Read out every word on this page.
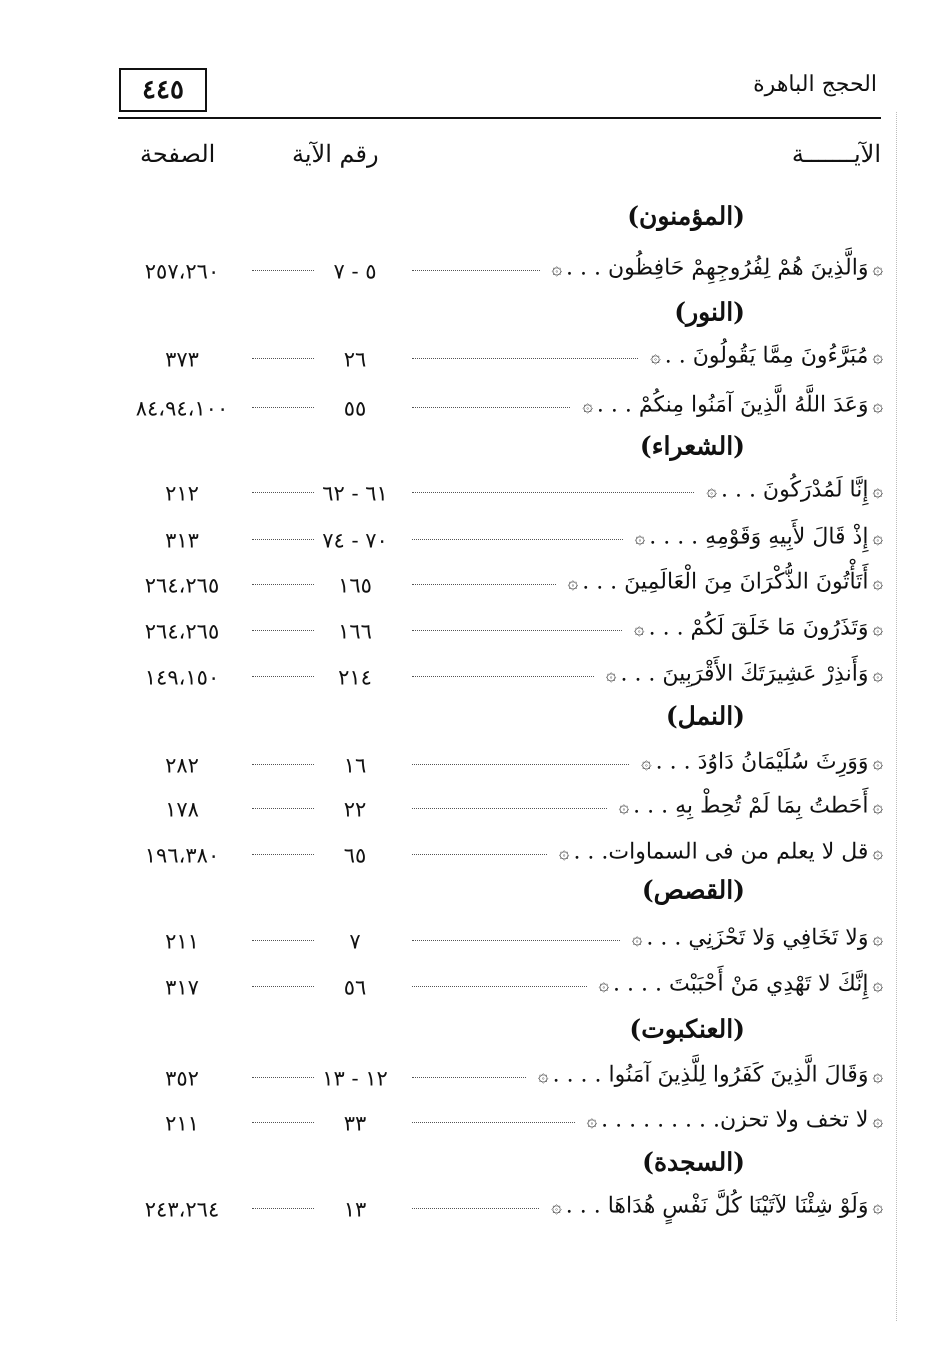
٤٤٥	الحجج الباهرة
الآيـــــــة
رقم الآية
الصفحة
(المؤمنون)
۞وَالَّذِينَ هُمْ لِفُرُوجِهِمْ حَافِظُون . . .۞
٥ - ٧
٢٥٧،٢٦٠
(النور)
۞مُبَرَّءُونَ مِمَّا يَقُولُونَ . .۞
٢٦
٣٧٣
۞وَعَدَ اللَّهُ الَّذِينَ آمَنُوا مِنكُمْ . . .۞
٥٥
٨٤،٩٤،١٠٠
(الشعراء)
۞إِنَّا لَمُدْرَكُونَ . . .۞
٦١ - ٦٢
٢١٢
۞إِذْ قَالَ لأَبِيهِ وَقَوْمِهِ . . . .۞
٧٠ - ٧٤
٣١٣
۞أَتَأْتُونَ الذُّكْرَانَ مِنَ الْعَالَمِينَ . . .۞
١٦٥
٢٦٤،٢٦٥
۞وَتَذَرُونَ مَا خَلَقَ لَكُمْ . . .۞
١٦٦
٢٦٤،٢٦٥
۞وَأَنذِرْ عَشِيرَتَكَ الأَقْرَبِينَ . . .۞
٢١٤
١٤٩،١٥٠
(النمل)
۞وَوَرِثَ سُلَيْمَانُ دَاوُدَ . . .۞
١٦
٢٨٢
۞أَحَطتُ بِمَا لَمْ تُحِطْ بِهِ . . .۞
٢٢
١٧٨
۞قل لا يعلم من فى السماوات. . .۞
٦٥
١٩٦،٣٨٠
(القصص)
۞وَلا تَخَافِي وَلا تَحْزَنِي . . .۞
٧
٢١١
۞إِنَّكَ لا تَهْدِي مَنْ أَحْبَبْتَ . . . .۞
٥٦
٣١٧
(العنكبوت)
۞وَقَالَ الَّذِينَ كَفَرُوا لِلَّذِينَ آمَنُوا . . . .۞
١٢ - ١٣
٣٥٢
۞لا تخف ولا تحزن. . . . . . . . .۞
٣٣
٢١١
(السجدة)
۞وَلَوْ شِئْنَا لآتَيْنَا كُلَّ نَفْسٍ هُدَاهَا . . .۞
١٣
٢٤٣،٢٦٤
